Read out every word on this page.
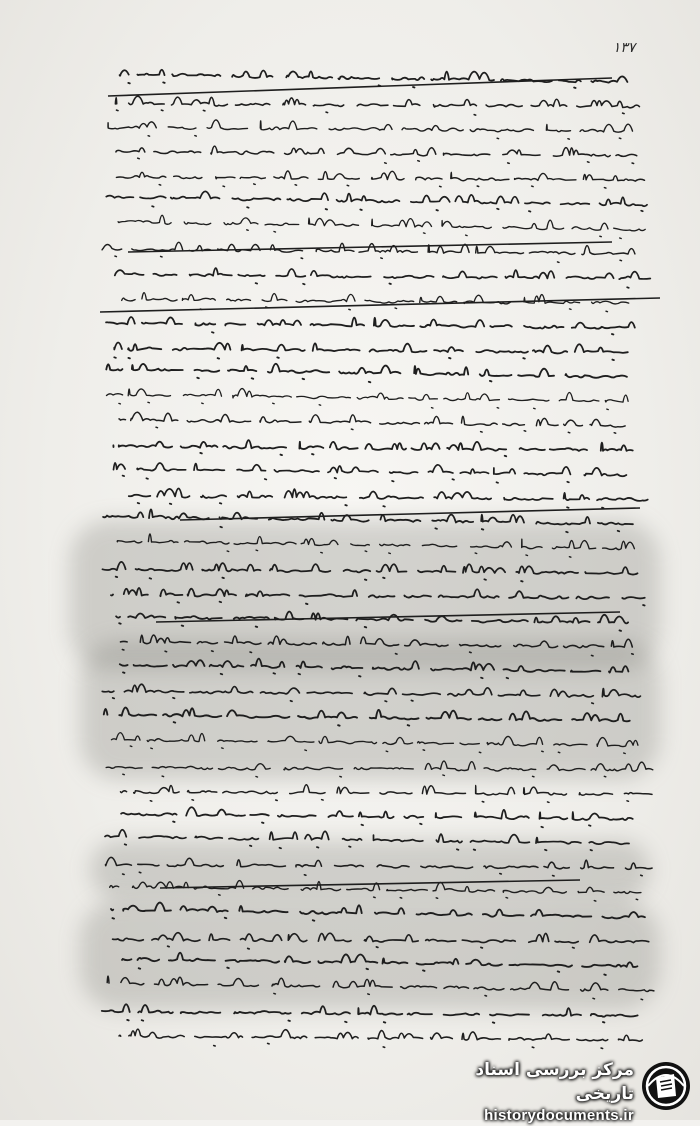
۱۳۷
مرکز بررسی اسناد تاریخی
historydocuments.ir
